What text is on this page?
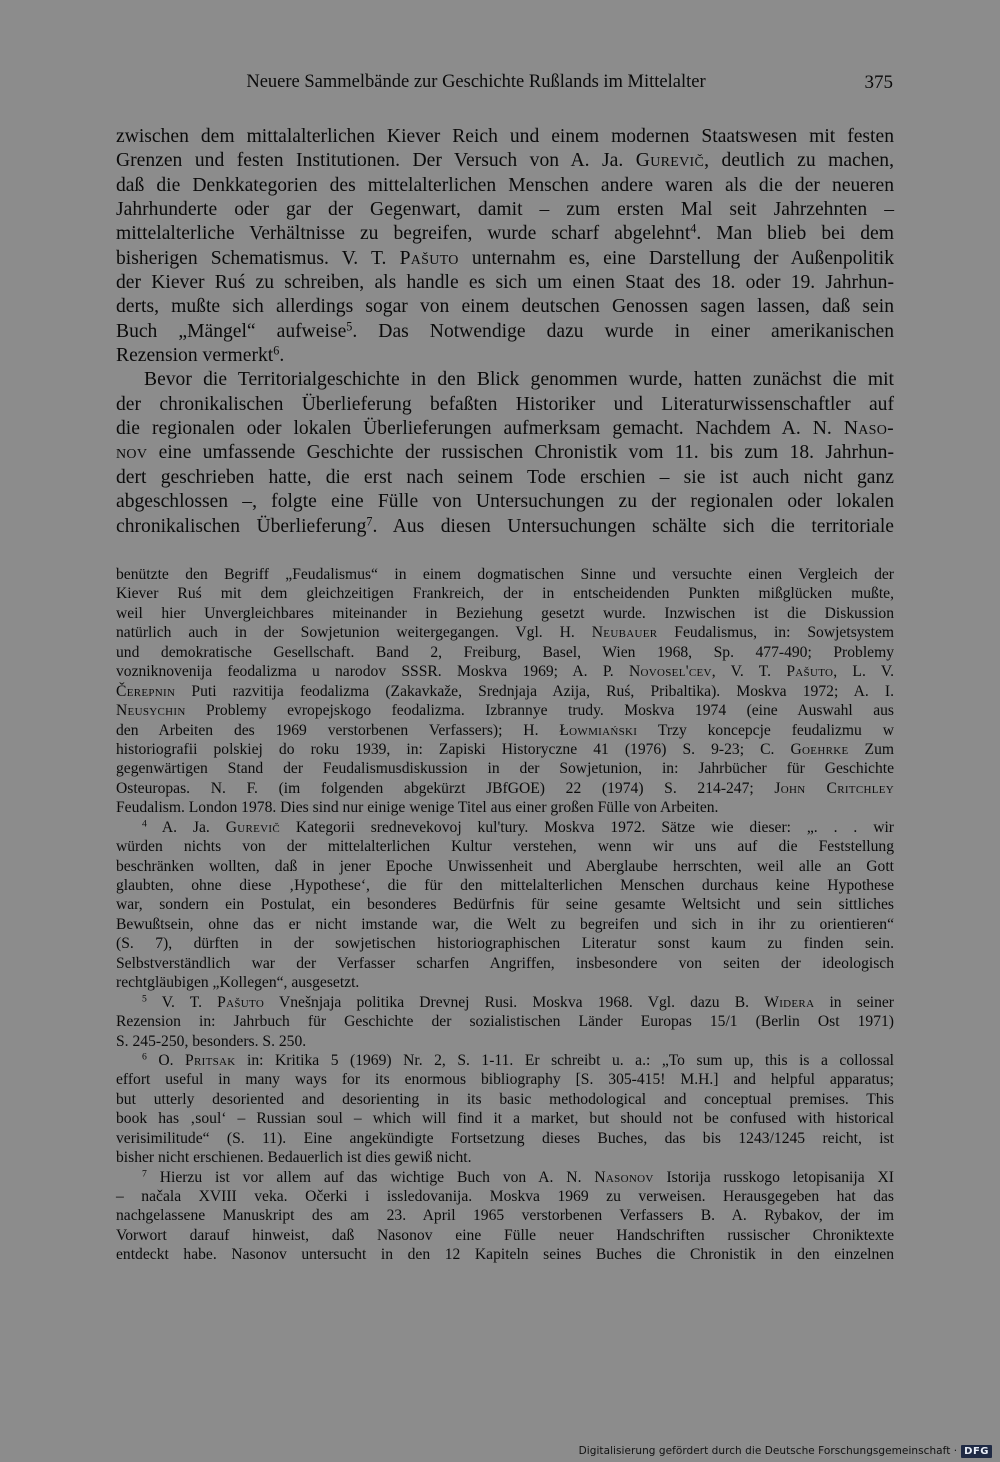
Neuere Sammelbände zur Geschichte Rußlands im Mittelalter	375
zwischen dem mittalalterlichen Kiever Reich und einem modernen Staatswesen mit festen
Grenzen und festen Institutionen. Der Versuch von A. Ja. Gurevič, deutlich zu machen,
daß die Denkkategorien des mittelalterlichen Menschen andere waren als die der neueren
Jahrhunderte oder gar der Gegenwart, damit – zum ersten Mal seit Jahrzehnten –
mittelalterliche Verhältnisse zu begreifen, wurde scharf abgelehnt$^4$. Man blieb bei dem
bisherigen Schematismus. V. T. Pašuto unternahm es, eine Darstellung der Außenpolitik
der Kiever Ruś zu schreiben, als handle es sich um einen Staat des 18. oder 19. Jahrhun-
derts, mußte sich allerdings sogar von einem deutschen Genossen sagen lassen, daß sein
Buch „Mängel“ aufweise$^5$. Das Notwendige dazu wurde in einer amerikanischen
Rezension vermerkt$^6$.
Bevor die Territorialgeschichte in den Blick genommen wurde, hatten zunächst die mit
der chronikalischen Überlieferung befaßten Historiker und Literaturwissenschaftler auf
die regionalen oder lokalen Überlieferungen aufmerksam gemacht. Nachdem A. N. Naso-
nov eine umfassende Geschichte der russischen Chronistik vom 11. bis zum 18. Jahrhun-
dert geschrieben hatte, die erst nach seinem Tode erschien – sie ist auch nicht ganz
abgeschlossen –, folgte eine Fülle von Untersuchungen zu der regionalen oder lokalen
chronikalischen Überlieferung$^7$. Aus diesen Untersuchungen schälte sich die territoriale
benützte den Begriff „Feudalismus“ in einem dogmatischen Sinne und versuchte einen Vergleich der
Kiever Ruś mit dem gleichzeitigen Frankreich, der in entscheidenden Punkten mißglücken mußte,
weil hier Unvergleichbares miteinander in Beziehung gesetzt wurde. Inzwischen ist die Diskussion
natürlich auch in der Sowjetunion weitergegangen. Vgl. H. Neubauer Feudalismus, in: Sowjetsystem
und demokratische Gesellschaft. Band 2, Freiburg, Basel, Wien 1968, Sp. 477-490; Problemy
vozniknovenija feodalizma u narodov SSSR. Moskva 1969; A. P. Novosel'cev, V. T. Pašuto, L. V.
Čerepnin Puti razvitija feodalizma (Zakavkaže, Srednjaja Azija, Ruś, Pribaltika). Moskva 1972; A. I.
Neusychin Problemy evropejskogo feodalizma. Izbrannye trudy. Moskva 1974 (eine Auswahl aus
den Arbeiten des 1969 verstorbenen Verfassers); H. Łowmiański Trzy koncepcje feudalizmu w
historiografii polskiej do roku 1939, in: Zapiski Historyczne 41 (1976) S. 9-23; C. Goehrke Zum
gegenwärtigen Stand der Feudalismusdiskussion in der Sowjetunion, in: Jahrbücher für Geschichte
Osteuropas. N. F. (im folgenden abgekürzt JBfGOE) 22 (1974) S. 214-247; John Critchley
Feudalism. London 1978. Dies sind nur einige wenige Titel aus einer großen Fülle von Arbeiten.
$^4$ A. Ja. Gurevič Kategorii srednevekovoj kul'tury. Moskva 1972. Sätze wie dieser: „. . . wir
würden nichts von der mittelalterlichen Kultur verstehen, wenn wir uns auf die Feststellung
beschränken wollten, daß in jener Epoche Unwissenheit und Aberglaube herrschten, weil alle an Gott
glaubten, ohne diese ‚Hypothese‘, die für den mittelalterlichen Menschen durchaus keine Hypothese
war, sondern ein Postulat, ein besonderes Bedürfnis für seine gesamte Weltsicht und sein sittliches
Bewußtsein, ohne das er nicht imstande war, die Welt zu begreifen und sich in ihr zu orientieren“
(S. 7), dürften in der sowjetischen historiographischen Literatur sonst kaum zu finden sein.
Selbstverständlich war der Verfasser scharfen Angriffen, insbesondere von seiten der ideologisch
rechtgläubigen „Kollegen“, ausgesetzt.
$^5$ V. T. Pašuto Vnešnjaja politika Drevnej Rusi. Moskva 1968. Vgl. dazu B. Widera in seiner
Rezension in: Jahrbuch für Geschichte der sozialistischen Länder Europas 15/1 (Berlin Ost 1971)
S. 245-250, besonders. S. 250.
$^6$ O. Pritsak in: Kritika 5 (1969) Nr. 2, S. 1-11. Er schreibt u. a.: „To sum up, this is a collossal
effort useful in many ways for its enormous bibliography [S. 305-415! M.H.] and helpful apparatus;
but utterly desoriented and desorienting in its basic methodological and conceptual premises. This
book has ‚soul‘ – Russian soul – which will find it a market, but should not be confused with historical
verisimilitude“ (S. 11). Eine angekündigte Fortsetzung dieses Buches, das bis 1243/1245 reicht, ist
bisher nicht erschienen. Bedauerlich ist dies gewiß nicht.
$^7$ Hierzu ist vor allem auf das wichtige Buch von A. N. Nasonov Istorija russkogo letopisanija XI
– načala XVIII veka. Očerki i issledovanija. Moskva 1969 zu verweisen. Herausgegeben hat das
nachgelassene Manuskript des am 23. April 1965 verstorbenen Verfassers B. A. Rybakov, der im
Vorwort darauf hinweist, daß Nasonov eine Fülle neuer Handschriften russischer Chroniktexte
entdeckt habe. Nasonov untersucht in den 12 Kapiteln seines Buches die Chronistik in den einzelnen
Digitalisierung gefördert durch die Deutsche Forschungsgemeinschaft · DFG
